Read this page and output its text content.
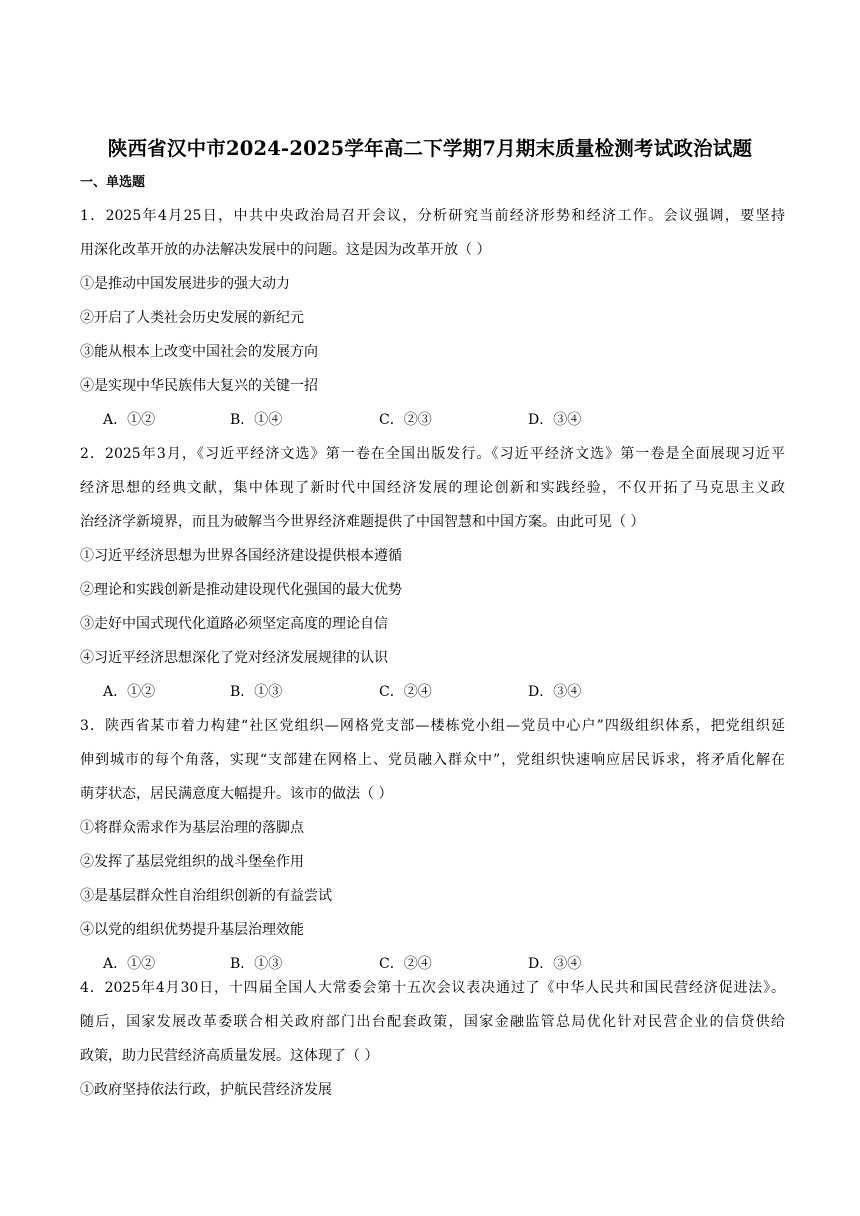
陕西省汉中市2024-2025学年高二下学期7月期末质量检测考试政治试题
一、单选题
1．2025年4月25日，中共中央政治局召开会议，分析研究当前经济形势和经济工作。会议强调，要坚持
用深化改革开放的办法解决发展中的问题。这是因为改革开放（ ）
①是推动中国发展进步的强大动力
②开启了人类社会历史发展的新纪元
③能从根本上改变中国社会的发展方向
④是实现中华民族伟大复兴的关键一招
A．①②	B．①④	C．②③	D．③④
2．2025年3月，《习近平经济文选》第一卷在全国出版发行。《习近平经济文选》第一卷是全面展现习近平
经济思想的经典文献，集中体现了新时代中国经济发展的理论创新和实践经验，不仅开拓了马克思主义政
治经济学新境界，而且为破解当今世界经济难题提供了中国智慧和中国方案。由此可见（ ）
①习近平经济思想为世界各国经济建设提供根本遵循
②理论和实践创新是推动建设现代化强国的最大优势
③走好中国式现代化道路必须坚定高度的理论自信
④习近平经济思想深化了党对经济发展规律的认识
A．①②	B．①③	C．②④	D．③④
3．陕西省某市着力构建“社区党组织—网格党支部—楼栋党小组—党员中心户”四级组织体系，把党组织延
伸到城市的每个角落，实现“支部建在网格上、党员融入群众中”，党组织快速响应居民诉求，将矛盾化解在
萌芽状态，居民满意度大幅提升。该市的做法（ ）
①将群众需求作为基层治理的落脚点
②发挥了基层党组织的战斗堡垒作用
③是基层群众性自治组织创新的有益尝试
④以党的组织优势提升基层治理效能
A．①②	B．①③	C．②④	D．③④
4．2025年4月30日，十四届全国人大常委会第十五次会议表决通过了《中华人民共和国民营经济促进法》。
随后，国家发展改革委联合相关政府部门出台配套政策，国家金融监管总局优化针对民营企业的信贷供给
政策，助力民营经济高质量发展。这体现了（ ）
①政府坚持依法行政，护航民营经济发展
